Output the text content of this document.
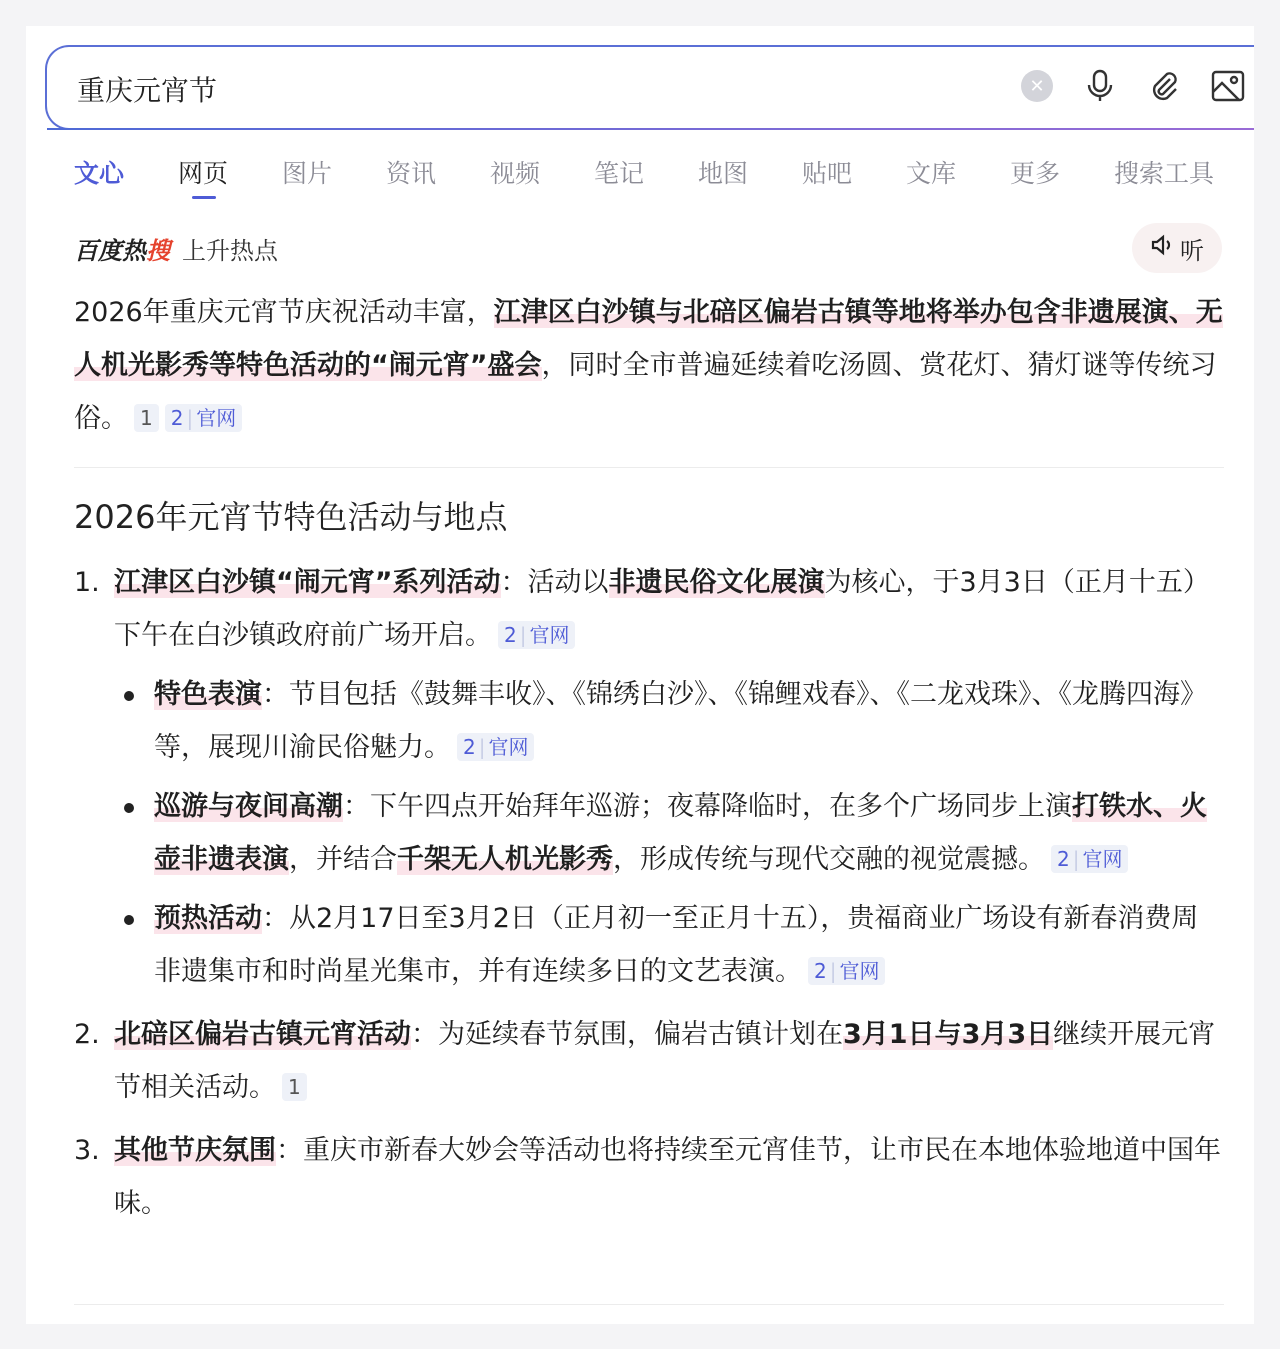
重庆元宵节	✕
文心	网页	图片	资讯	视频	笔记	地图	贴吧	文库	更多	搜索工具
百度热搜 上升热点	听

2026年重庆元宵节庆祝活动丰富，江津区白沙镇与北碚区偏岩古镇等地将举办包含非遗展演、无人机光影秀等特色活动的“闹元宵”盛会，同时全市普遍延续着吃汤圆、赏花灯、猜灯谜等传统习俗。 1 2 | 官网

2026年元宵节特色活动与地点
1. 江津区白沙镇“闹元宵”系列活动：活动以非遗民俗文化展演为核心，于3月3日（正月十五）下午在白沙镇政府前广场开启。 2 | 官网
特色表演：节目包括《鼓舞丰收》、《锦绣白沙》、《锦鲤戏春》、《二龙戏珠》、《龙腾四海》等，展现川渝民俗魅力。 2 | 官网
巡游与夜间高潮：下午四点开始拜年巡游；夜幕降临时，在多个广场同步上演打铁水、火壶非遗表演，并结合千架无人机光影秀，形成传统与现代交融的视觉震撼。 2 | 官网
预热活动：从2月17日至3月2日（正月初一至正月十五），贵福商业广场设有新春消费周非遗集市和时尚星光集市，并有连续多日的文艺表演。 2 | 官网
2. 北碚区偏岩古镇元宵活动：为延续春节氛围，偏岩古镇计划在3月1日与3月3日继续开展元宵节相关活动。 1
3. 其他节庆氛围：重庆市新春大妙会等活动也将持续至元宵佳节，让市民在本地体验地道中国年味。
